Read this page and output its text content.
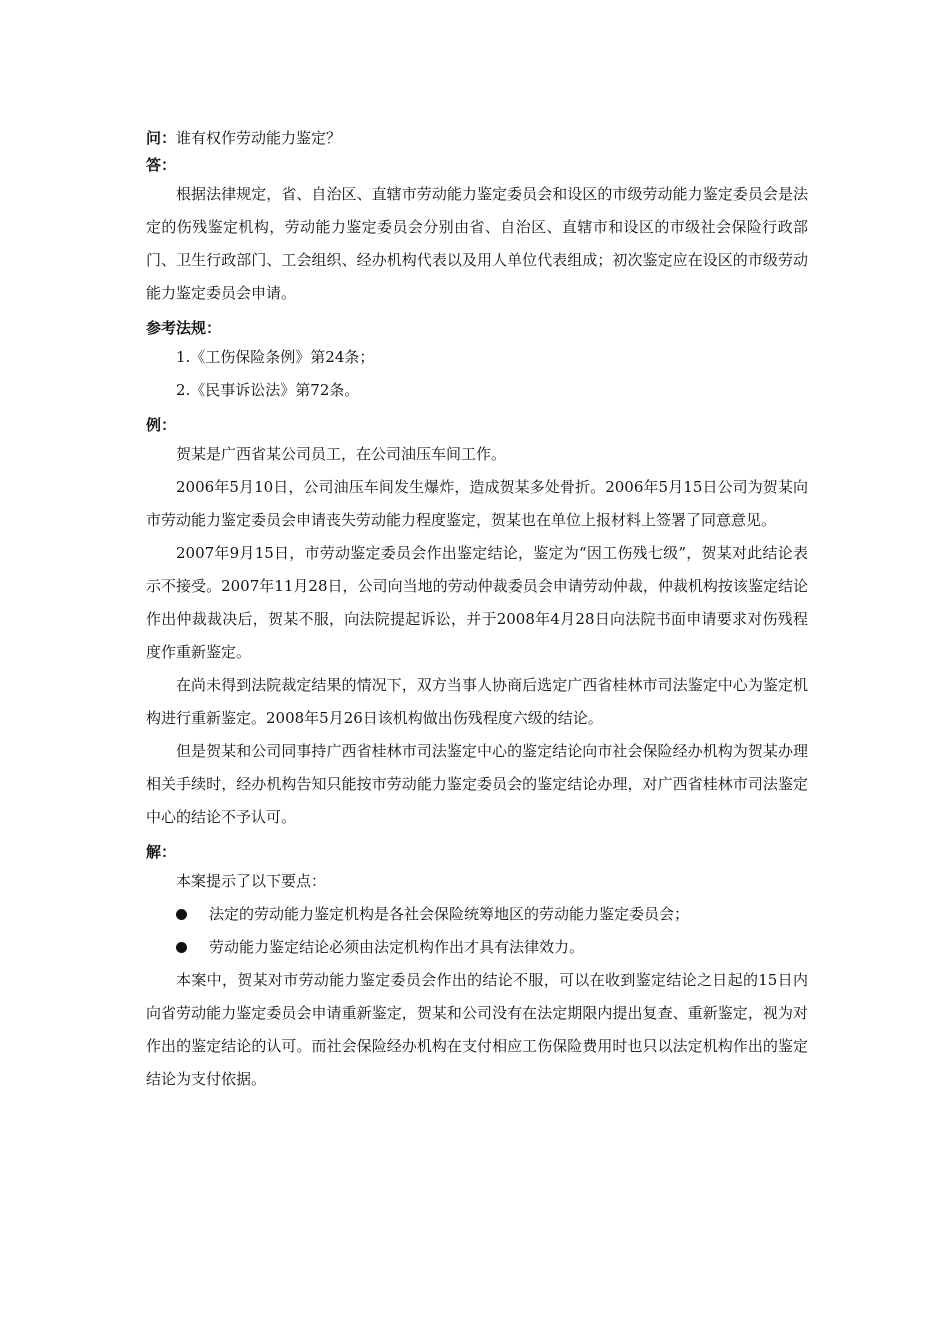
问：谁有权作劳动能力鉴定？
答：

根据法律规定，省、自治区、直辖市劳动能力鉴定委员会和设区的市级劳动能力鉴定委员会是法定的伤残鉴定机构，劳动能力鉴定委员会分别由省、自治区、直辖市和设区的市级社会保险行政部门、卫生行政部门、工会组织、经办机构代表以及用人单位代表组成；初次鉴定应在设区的市级劳动能力鉴定委员会申请。

参考法规：
1.《工伤保险条例》第24条；
2.《民事诉讼法》第72条。
例：

贺某是广西省某公司员工，在公司油压车间工作。

2006年5月10日，公司油压车间发生爆炸，造成贺某多处骨折。2006年5月15日公司为贺某向市劳动能力鉴定委员会申请丧失劳动能力程度鉴定，贺某也在单位上报材料上签署了同意意见。

2007年9月15日，市劳动鉴定委员会作出鉴定结论，鉴定为“因工伤残七级”，贺某对此结论表示不接受。2007年11月28日，公司向当地的劳动仲裁委员会申请劳动仲裁，仲裁机构按该鉴定结论作出仲裁裁决后，贺某不服，向法院提起诉讼，并于2008年4月28日向法院书面申请要求对伤残程度作重新鉴定。

在尚未得到法院裁定结果的情况下，双方当事人协商后选定广西省桂林市司法鉴定中心为鉴定机构进行重新鉴定。2008年5月26日该机构做出伤残程度六级的结论。

但是贺某和公司同事持广西省桂林市司法鉴定中心的鉴定结论向市社会保险经办机构为贺某办理相关手续时，经办机构告知只能按市劳动能力鉴定委员会的鉴定结论办理，对广西省桂林市司法鉴定中心的结论不予认可。

解：

本案提示了以下要点：

法定的劳动能力鉴定机构是各社会保险统筹地区的劳动能力鉴定委员会；
劳动能力鉴定结论必须由法定机构作出才具有法律效力。

本案中，贺某对市劳动能力鉴定委员会作出的结论不服，可以在收到鉴定结论之日起的15日内向省劳动能力鉴定委员会申请重新鉴定，贺某和公司没有在法定期限内提出复查、重新鉴定，视为对作出的鉴定结论的认可。而社会保险经办机构在支付相应工伤保险费用时也只以法定机构作出的鉴定结论为支付依据。
